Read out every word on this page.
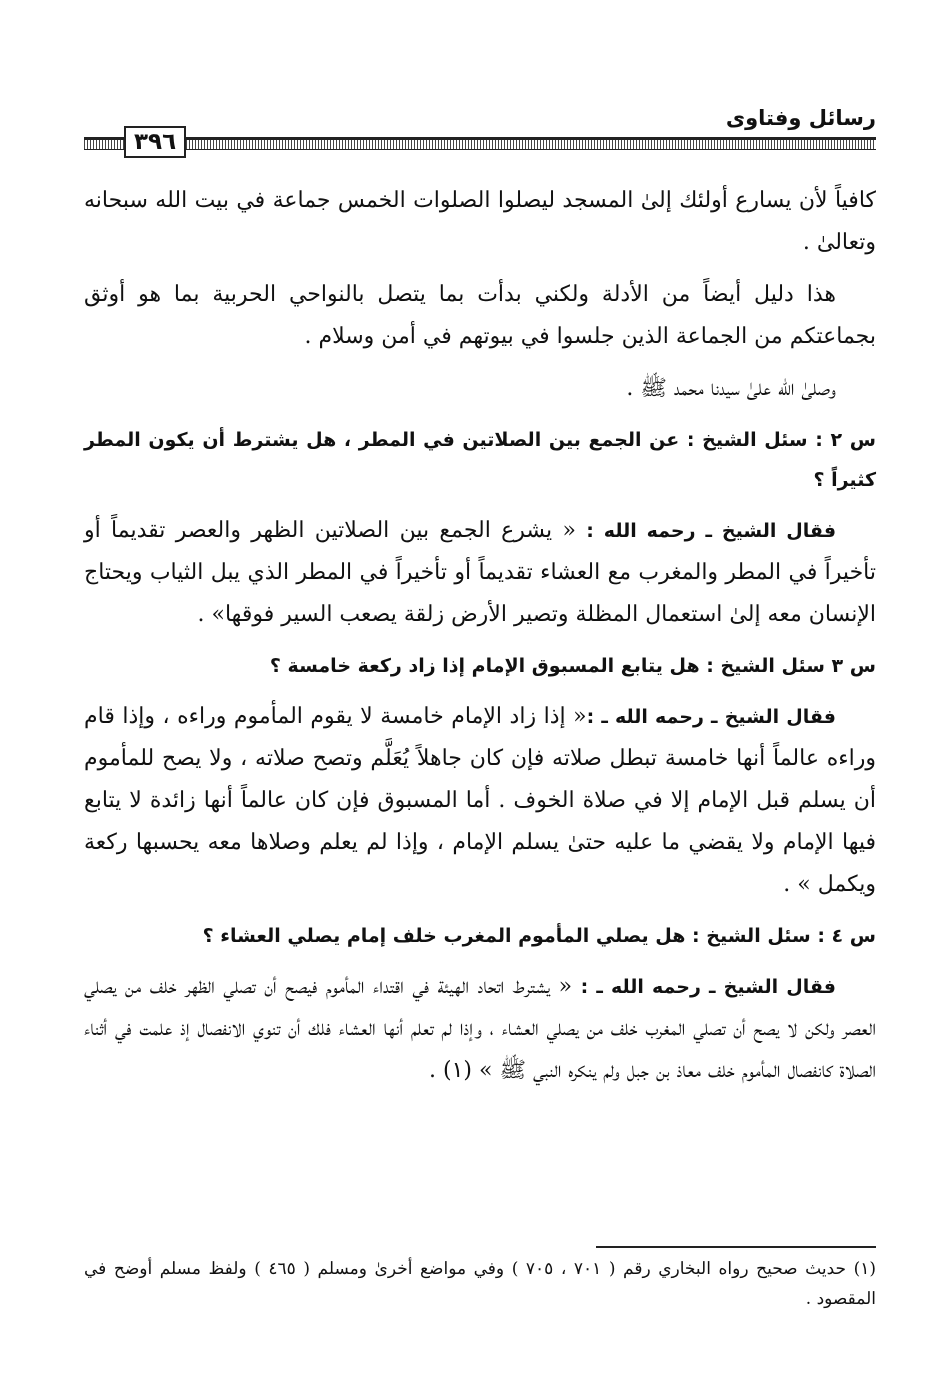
رسائل وفتاوى
٣٩٦

كافياً لأن يسارع أولئك إلىٰ المسجد ليصلوا الصلوات الخمس جماعة في بيت الله سبحانه وتعالىٰ .

هذا دليل أيضاً من الأدلة ولكني بدأت بما يتصل بالنواحي الحربية بما هو أوثق بجماعتكم من الجماعة الذين جلسوا في بيوتهم في أمن وسلام .

وصلىٰ الله علىٰ سيدنا محمد ﷺ .

س ٢ : سئل الشيخ : عن الجمع بين الصلاتين في المطر ، هل يشترط أن يكون المطر كثيراً ؟

فقال الشيخ ـ رحمه الله : « يشرع الجمع بين الصلاتين الظهر والعصر تقديماً أو تأخيراً في المطر والمغرب مع العشاء تقديماً أو تأخيراً في المطر الذي يبل الثياب ويحتاج الإنسان معه إلىٰ استعمال المظلة وتصير الأرض زلقة يصعب السير فوقها» .

س ٣ سئل الشيخ : هل يتابع المسبوق الإمام إذا زاد ركعة خامسة ؟

فقال الشيخ ـ رحمه الله ـ :« إذا زاد الإمام خامسة لا يقوم المأموم وراءه ، وإذا قام وراءه عالماً أنها خامسة تبطل صلاته فإن كان جاهلاً يُعَلَّم وتصح صلاته ، ولا يصح للمأموم أن يسلم قبل الإمام إلا في صلاة الخوف . أما المسبوق فإن كان عالماً أنها زائدة لا يتابع فيها الإمام ولا يقضي ما عليه حتىٰ يسلم الإمام ، وإذا لم يعلم وصلاها معه يحسبها ركعة ويكمل » .

س ٤ : سئل الشيخ : هل يصلي المأموم المغرب خلف إمام يصلي العشاء ؟

فقال الشيخ ـ رحمه الله ـ : « يشترط اتحاد الهيئة في اقتداء المأموم فيصح أن تصلي الظهر خلف من يصلي العصر ولكن لا يصح أن تصلي المغرب خلف من يصلي العشاء ، وإذا لم تعلم أنها العشاء فلك أن تنوي الانفصال إذ علمت في أثناء الصلاة كانفصال المأموم خلف معاذ بن جبل ولم ينكره النبي ﷺ » (١) .

(١) حديث صحيح رواه البخاري رقم ( ٧٠١ ، ٧٠٥ ) وفي مواضع أخرىٰ ومسلم ( ٤٦٥ ) ولفظ مسلم أوضح في المقصود .
